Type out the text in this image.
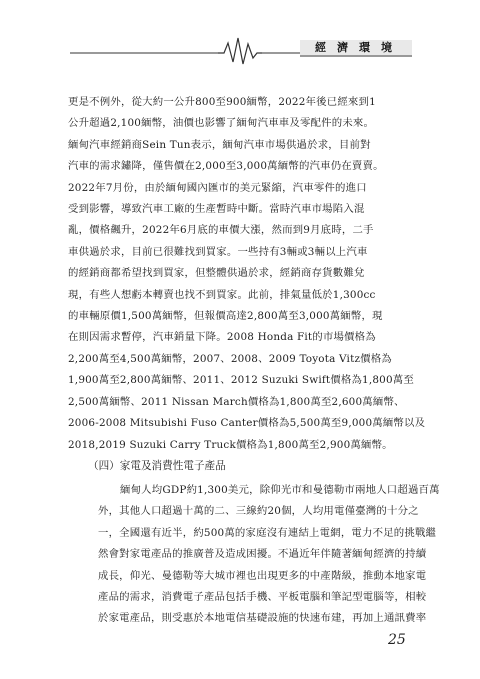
經濟環境
更是不例外，從大約一公升800至900緬幣，2022年後已經來到1
公升超過2,100緬幣，油價也影響了緬甸汽車車及零配件的未來。
緬甸汽車經銷商Sein Tun表示，緬甸汽車市場供過於求，目前對
汽車的需求鏽降，僅售價在2,000至3,000萬緬幣的汽車仍在賣賣。
2022年7月份，由於緬甸國內匯市的美元緊縮，汽車零件的進口
受到影響，導致汽車工廠的生產暫時中斷。當時汽車市場陷入混
亂，價格飆升，2022年6月底的車價大漲，然而到9月底時，二手
車供過於求，目前已很難找到買家。一些持有3輛或3輛以上汽車
的經銷商都希望找到買家，但整體供過於求，經銷商存貨數難兌
現，有些人想虧本轉賣也找不到買家。此前，排氣量低於1,300cc
的車輛原價1,500萬緬幣，但報價高達2,800萬至3,000萬緬幣，現
在則因需求暫停，汽車銷量下降。2008 Honda Fit的市場價格為
2,200萬至4,500萬緬幣，2007、2008、2009 Toyota Vitz價格為
1,900萬至2,800萬緬幣、2011、2012 Suzuki Swift價格為1,800萬至
2,500萬緬幣、2011 Nissan March價格為1,800萬至2,600萬緬幣、
2006-2008 Mitsubishi Fuso Canter價格為5,500萬至9,000萬緬幣以及
2018,2019 Suzuki Carry Truck價格為1,800萬至2,900萬緬幣。
（四）家電及消費性電子產品
緬甸人均GDP約1,300美元，除仰光市和曼德勒市兩地人口超過百萬
外，其他人口超過十萬的二、三線約20個，人均用電僅臺灣的十分之
一，全國還有近半，約500萬的家庭沒有連結上電網，電力不足的挑戰繼
然會對家電產品的推廣普及造成困擾。不過近年伴隨著緬甸經濟的持續
成長，仰光、曼德勒等大城市裡也出現更多的中產階級，推動本地家電
產品的需求，消費電子產品包括手機、平板電腦和筆記型電腦等，相較
於家電產品，則受惠於本地電信基礎設施的快速布建，再加上通訊費率
25
